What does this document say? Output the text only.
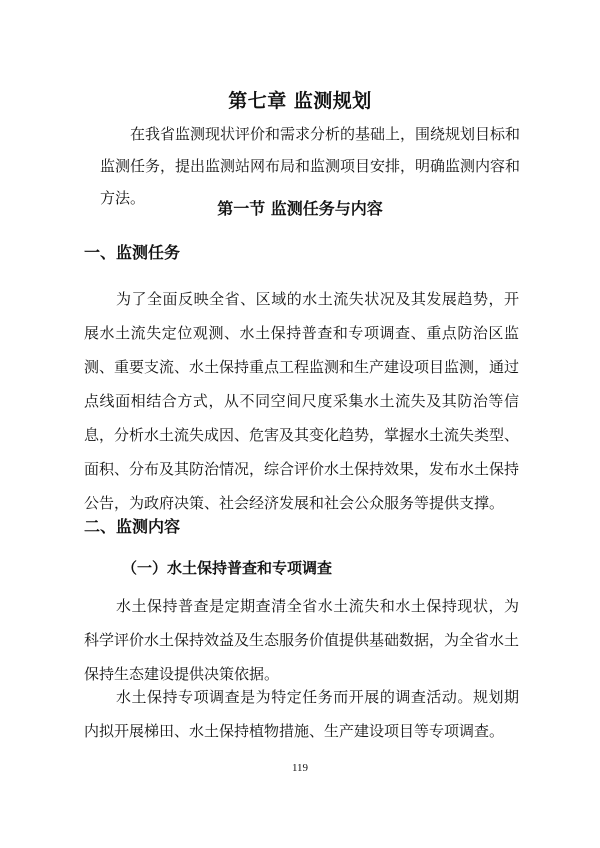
第七章 监测规划

在我省监测现状评价和需求分析的基础上，围绕规划目标和监测任务，提出监测站网布局和监测项目安排，明确监测内容和方法。

第一节 监测任务与内容
一、监测任务

为了全面反映全省、区域的水土流失状况及其发展趋势，开展水土流失定位观测、水土保持普查和专项调查、重点防治区监测、重要支流、水土保持重点工程监测和生产建设项目监测，通过点线面相结合方式，从不同空间尺度采集水土流失及其防治等信息，分析水土流失成因、危害及其变化趋势，掌握水土流失类型、面积、分布及其防治情况，综合评价水土保持效果，发布水土保持公告，为政府决策、社会经济发展和社会公众服务等提供支撑。

二、监测内容
（一）水土保持普查和专项调查

水土保持普查是定期查清全省水土流失和水土保持现状，为科学评价水土保持效益及生态服务价值提供基础数据，为全省水土保持生态建设提供决策依据。

水土保持专项调查是为特定任务而开展的调查活动。规划期内拟开展梯田、水土保持植物措施、生产建设项目等专项调查。

119
